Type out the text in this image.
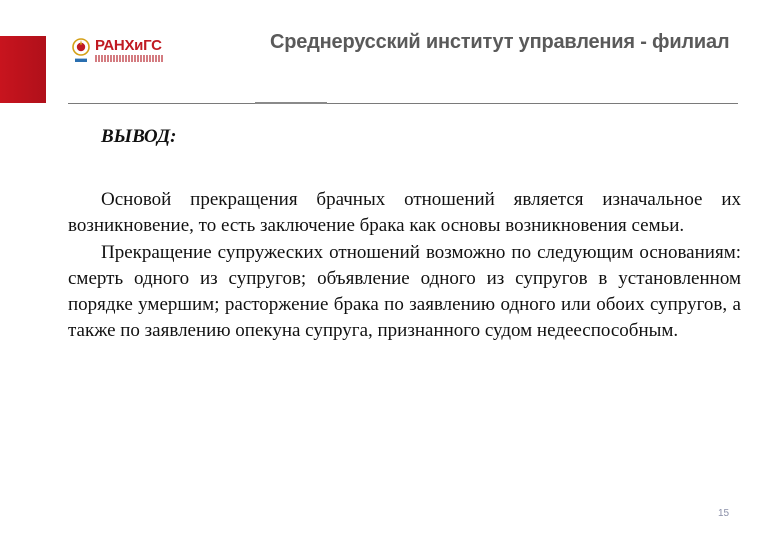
РАНХиГС	Среднерусский институт управления - филиал
ВЫВОД:

Основой прекращения брачных отношений является изначальное их возникновение, то есть заключение брака как основы возникновения семьи.

Прекращение супружеских отношений возможно по следующим основаниям: смерть одного из супругов; объявление одного из супругов в установленном порядке умершим; расторжение брака по заявлению одного или обоих супругов, а также по заявлению опекуна супруга, признанного судом недееспособным.

15
